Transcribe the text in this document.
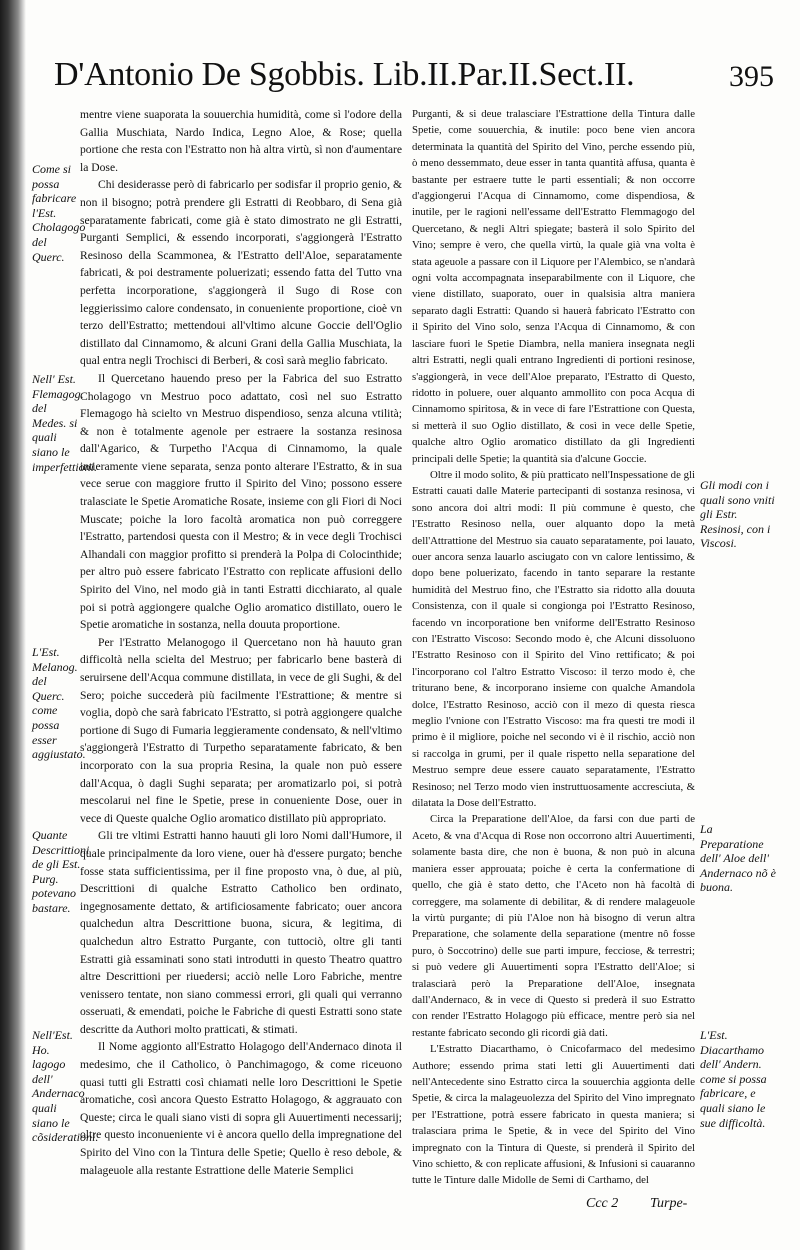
D'Antonio De Sgobbis. Lib.II.Par.II.Sect.II.	395

mentre viene suaporata la souuerchia humidità, come sì l'odore della Gallia Muschiata, Nardo Indica, Legno Aloe, & Rose; quella portione che resta con l'Estratto non hà altra virtù, sì non d'aumentare la Dose.

Chi desiderasse però di fabricarlo per sodisfar il proprio genio, & non il bisogno; potrà prendere gli Estratti di Reobbaro, di Sena già separatamente fabricati, come già è stato dimostrato ne gli Estratti, Purganti Semplici, & essendo incorporati, s'aggiongerà l'Estratto Resinoso della Scammonea, & l'Estratto dell'Aloe, separatamente fabricati, & poi destramente poluerizati; essendo fatta del Tutto vna perfetta incorporatione, s'aggiongerà il Sugo di Rose con leggierissimo calore condensato, in conueniente proportione, cioè vn terzo dell'Estratto; mettendoui all'vltimo alcune Goccie dell'Oglio distillato dal Cinnamomo, & alcuni Grani della Gallia Muschiata, la qual entra negli Trochisci di Berberi, & così sarà meglio fabricato.

Il Quercetano hauendo preso per la Fabrica del suo Estratto Cholagogo vn Mestruo poco adattato, così nel suo Estratto Flemagogo hà scielto vn Mestruo dispendioso, senza alcuna vtilità; & non è totalmente agenole per estraere la sostanza resinosa dall'Agarico, & Turpetho l'Acqua di Cinnamomo, la quale intieramente viene separata, senza ponto alterare l'Estratto, & in sua vece serue con maggiore frutto il Spirito del Vino; possono essere tralasciate le Spetie Aromatiche Rosate, insieme con gli Fiori di Noci Muscate; poiche la loro facoltà aromatica non può correggere l'Estratto, partendosi questa con il Mestro; & in vece degli Trochisci Alhandali con maggior profitto si prenderà la Polpa di Colocinthide; per altro può essere fabricato l'Estratto con replicate affusioni dello Spirito del Vino, nel modo già in tanti Estratti dicchiarato, al quale poi si potrà aggiongere qualche Oglio aromatico distillato, ouero le Spetie aromatiche in sostanza, nella douuta proportione.

Per l'Estratto Melanogogo il Quercetano non hà hauuto gran difficoltà nella scielta del Mestruo; per fabricarlo bene basterà di seruirsene dell'Acqua commune distillata, in vece de gli Sughi, & del Sero; poiche succederà più facilmente l'Estrattione; & mentre si voglia, dopò che sarà fabricato l'Estratto, si potrà aggiongere qualche portione di Sugo di Fumaria leggieramente condensato, & nell'vltimo s'aggiongerà l'Estratto di Turpetho separatamente fabricato, & ben incorporato con la sua propria Resina, la quale non può essere dall'Acqua, ò dagli Sughi separata; per aromatizarlo poi, si potrà mescolarui nel fine le Spetie, prese in conueniente Dose, ouer in vece di Queste qualche Oglio aromatico distillato più appropriato.

Gli tre vltimi Estratti hanno hauuti gli loro Nomi dall'Humore, il quale principalmente da loro viene, ouer hà d'essere purgato; benche fosse stata sufficientissima, per il fine proposto vna, ò due, al più, Descrittioni di qualche Estratto Catholico ben ordinato, ingegnosamente dettato, & artificiosamente fabricato; ouer ancora qualchedun altra Descrittione buona, sicura, & legitima, di qualchedun altro Estratto Purgante, con tuttociò, oltre gli tanti Estratti già essaminati sono stati introdutti in questo Theatro quattro altre Descrittioni per riuedersi; acciò nelle Loro Fabriche, mentre venissero tentate, non siano commessi errori, gli quali qui verranno osseruati, & emendati, poiche le Fabriche di questi Estratti sono state descritte da Authori molto pratticati, & stimati.

Il Nome aggionto all'Estratto Holagogo dell'Andernaco dinota il medesimo, che il Catholico, ò Panchimagogo, & come riceuono quasi tutti gli Estratti così chiamati nelle loro Descrittioni le Spetie aromatiche, così ancora Questo Estratto Holagogo, & aggrauato con Queste; circa le quali siano visti di sopra gli Auuertimenti necessarij; oltre questo inconueniente vi è ancora quello della impregnatione del Spirito del Vino con la Tintura delle Spetie; Quello è reso debole, & malageuole alla restante Estrattione delle Materie Semplici

Purganti, & si deue tralasciare l'Estrattione della Tintura dalle Spetie, come souuerchia, & inutile: poco bene vien ancora determinata la quantità del Spirito del Vino, perche essendo più, ò meno dessemmato, deue esser in tanta quantità affusa, quanta è bastante per estraere tutte le parti essentiali; & non occorre d'aggiongerui l'Acqua di Cinnamomo, come dispendiosa, & inutile, per le ragioni nell'essame dell'Estratto Flemmagogo del Quercetano, & negli Altri spiegate; basterà il solo Spirito del Vino; sempre è vero, che quella virtù, la quale già vna volta è stata ageuole a passare con il Liquore per l'Alembico, se n'andarà ogni volta accompagnata inseparabilmente con il Liquore, che viene distillato, suaporato, ouer in qualsisia altra maniera separato dagli Estratti: Quando sì hauerà fabricato l'Estratto con il Spirito del Vino solo, senza l'Acqua di Cinnamomo, & con lasciare fuori le Spetie Diambra, nella maniera insegnata negli altri Estratti, negli quali entrano Ingredienti di portioni resinose, s'aggiongerà, in vece dell'Aloe preparato, l'Estratto di Questo, ridotto in poluere, ouer alquanto ammollito con poca Acqua di Cinnamomo spiritosa, & in vece di fare l'Estrattione con Questa, si metterà il suo Oglio distillato, & così in vece delle Spetie, qualche altro Oglio aromatico distillato da gli Ingredienti principali delle Spetie; la quantità sia d'alcune Goccie.

Oltre il modo solito, & più pratticato nell'Inspessatione de gli Estratti cauati dalle Materie partecipanti di sostanza resinosa, vi sono ancora doi altri modi: Il più commune è questo, che l'Estratto Resinoso nella, ouer alquanto dopo la metà dell'Attrattione del Mestruo sia cauato separatamente, poi lauato, ouer ancora senza lauarlo asciugato con vn calore lentissimo, & dopo bene poluerizato, facendo in tanto separare la restante humidità del Mestruo fino, che l'Estratto sia ridotto alla douuta Consistenza, con il quale si congionga poi l'Estratto Resinoso, facendo vn incorporatione ben vniforme dell'Estratto Resinoso con l'Estratto Viscoso: Secondo modo è, che Alcuni dissoluono l'Estratto Resinoso con il Spirito del Vino rettificato; & poi l'incorporano col l'altro Estratto Viscoso: il terzo modo è, che triturano bene, & incorporano insieme con qualche Amandola dolce, l'Estratto Resinoso, acciò con il mezo di questa riesca meglio l'vnione con l'Estratto Viscoso: ma fra questi tre modi il primo è il migliore, poiche nel secondo vi è il rischio, acciò non si raccolga in grumi, per il quale rispetto nella separatione del Mestruo sempre deue essere cauato separatamente, l'Estratto Resinoso; nel Terzo modo vien instruttuosamente accresciuta, & dilatata la Dose dell'Estratto.

Circa la Preparatione dell'Aloe, da farsi con due parti de Aceto, & vna d'Acqua di Rose non occorrono altri Auuertimenti, solamente basta dire, che non è buona, & non può in alcuna maniera esser approuata; poiche è certa la confermatione di quello, che già è stato detto, che l'Aceto non hà facoltà di correggere, ma solamente di debilitar, & di rendere malageuole la virtù purgante; di più l'Aloe non hà bisogno di verun altra Preparatione, che solamente della separatione (mentre nô fosse puro, ò Soccotrino) delle sue parti impure, fecciose, & terrestri; si può vedere gli Auuertimenti sopra l'Estratto dell'Aloe; si tralasciarà però la Preparatione dell'Aloe, insegnata dall'Andernaco, & in vece di Questo si prederà il suo Estratto con render l'Estratto Holagogo più efficace, mentre però sia nel restante fabricato secondo gli ricordi già dati.

L'Estratto Diacarthamo, ò Cnicofarmaco del medesimo Authore; essendo prima stati letti gli Auuertimenti dati nell'Antecedente sino Estratto circa la souuerchia aggionta delle Spetie, & circa la malageuolezza del Spirito del Vino impregnato per l'Estrattione, potrà essere fabricato in questa maniera; si tralasciara prima le Spetie, & in vece del Spirito del Vino impregnato con la Tintura di Queste, si prenderà il Spirito del Vino schietto, & con replicate affusioni, & Infusioni si cauaranno tutte le Tinture dalle Midolle de Semi di Carthamo, del

Come si possa fabricare l'Est. Cholagogo del Querc.
Nell' Est. Flemagog. del Medes. si quali siano le imperfettioni.
L'Est. Melanog. del Querc. come possa esser aggiustato.
Quante Descrittioni de gli Est. Purg. potevano bastare.
Nell'Est. Ho. lagogo dell' Andernaco quali siano le cõsiderationi.
Gli modi con i quali sono vniti gli Estr. Resinosi, con i Viscosi.
La Preparatione dell' Aloe dell' Andernaco nõ è buona.
L'Est. Diacarthamo dell' Andern. come si possa fabricare, e quali siano le sue difficoltà.
Ccc 2 Turpe-
